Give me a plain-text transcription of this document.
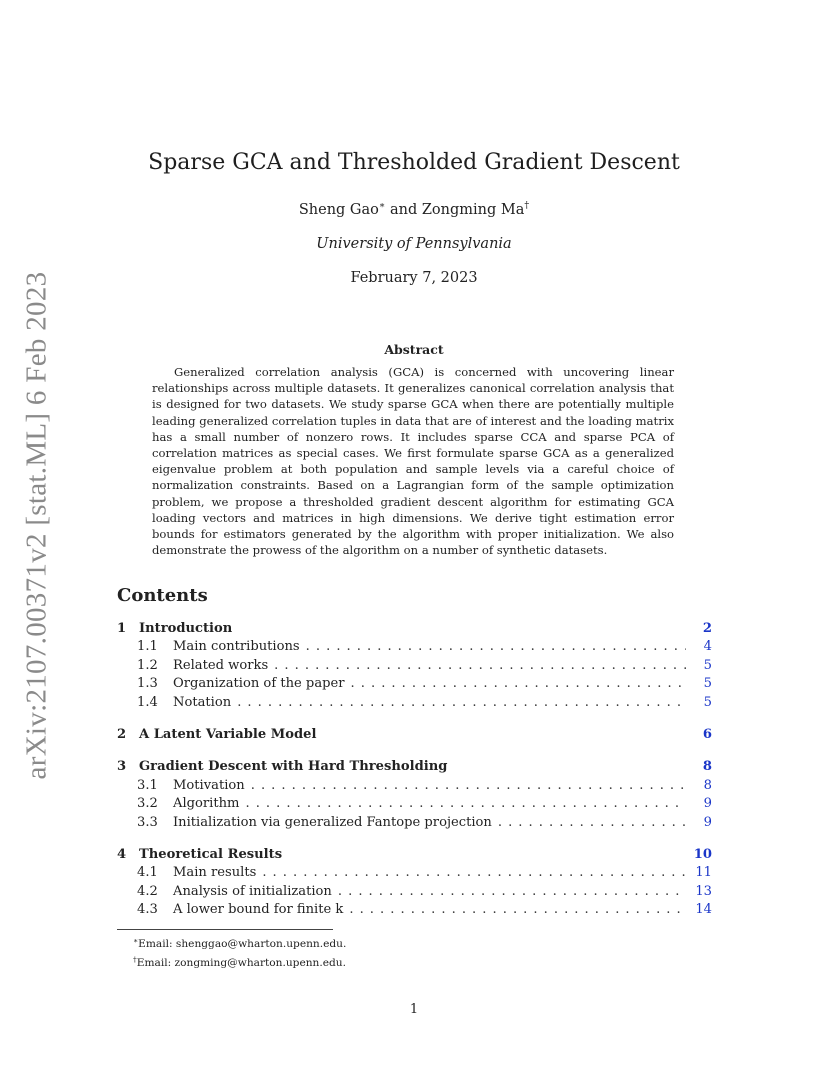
arXiv:2107.00371v2 [stat.ML] 6 Feb 2023
Sparse GCA and Thresholded Gradient Descent
Sheng Gao∗ and Zongming Ma†
University of Pennsylvania
February 7, 2023
Abstract

Generalized correlation analysis (GCA) is concerned with uncovering linear relationships across multiple datasets. It generalizes canonical correlation analysis that is designed for two datasets. We study sparse GCA when there are potentially multiple leading generalized correlation tuples in data that are of interest and the loading matrix has a small number of nonzero rows. It includes sparse CCA and sparse PCA of correlation matrices as special cases. We first formulate sparse GCA as a generalized eigenvalue problem at both population and sample levels via a careful choice of normalization constraints. Based on a Lagrangian form of the sample optimization problem, we propose a thresholded gradient descent algorithm for estimating GCA loading vectors and matrices in high dimensions. We derive tight estimation error bounds for estimators generated by the algorithm with proper initialization. We also demonstrate the prowess of the algorithm on a number of synthetic datasets.

Contents
1 Introduction	2
1.1	Main contributions . . .	4
1.2	Related works . . .	5
1.3	Organization of the paper . . .	5
1.4	Notation . . .	5
2 A Latent Variable Model	6
3 Gradient Descent with Hard Thresholding	8
3.1	Motivation . . .	8
3.2	Algorithm . . .	9
3.3	Initialization via generalized Fantope projection . . .	9
4 Theoretical Results	10
4.1	Main results . . .	11
4.2	Analysis of initialization . . .	13
4.3	A lower bound for finite k . . .	14
∗Email: shenggao@wharton.upenn.edu.
†Email: zongming@wharton.upenn.edu.
1
